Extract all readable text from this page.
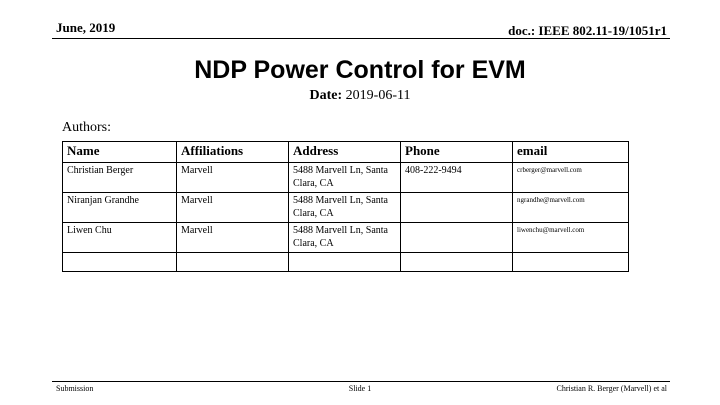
June, 2019	doc.: IEEE 802.11-19/1051r1
NDP Power Control for EVM
Date: 2019-06-11
Authors:
Name	Affiliations	Address	Phone	email
Christian Berger	Marvell	5488 Marvell Ln, Santa Clara, CA	408-222-9494	crberger@marvell.com
Niranjan Grandhe	Marvell	5488 Marvell Ln, Santa Clara, CA		ngrandhe@marvell.com
Liwen Chu	Marvell	5488 Marvell Ln, Santa Clara, CA		liwenchu@marvell.com

Submission	Slide 1	Christian R. Berger (Marvell) et al
